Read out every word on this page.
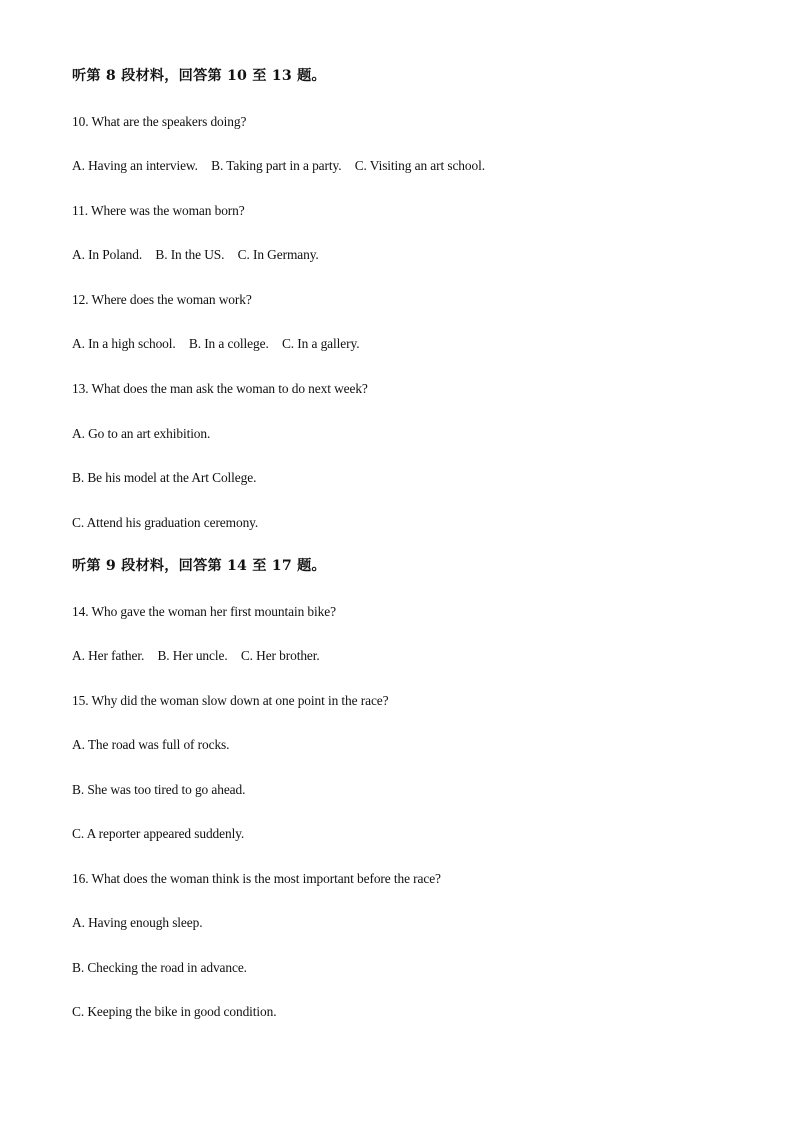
听第 8 段材料，回答第 10 至 13 题。
10. What are the speakers doing?
A. Having an interview. B. Taking part in a party. C. Visiting an art school.
11. Where was the woman born?
A. In Poland. B. In the US. C. In Germany.
12. Where does the woman work?
A. In a high school. B. In a college. C. In a gallery.
13. What does the man ask the woman to do next week?
A. Go to an art exhibition.
B. Be his model at the Art College.
C. Attend his graduation ceremony.
听第 9 段材料，回答第 14 至 17 题。
14. Who gave the woman her first mountain bike?
A. Her father. B. Her uncle. C. Her brother.
15. Why did the woman slow down at one point in the race?
A. The road was full of rocks.
B. She was too tired to go ahead.
C. A reporter appeared suddenly.
16. What does the woman think is the most important before the race?
A. Having enough sleep.
B. Checking the road in advance.
C. Keeping the bike in good condition.
